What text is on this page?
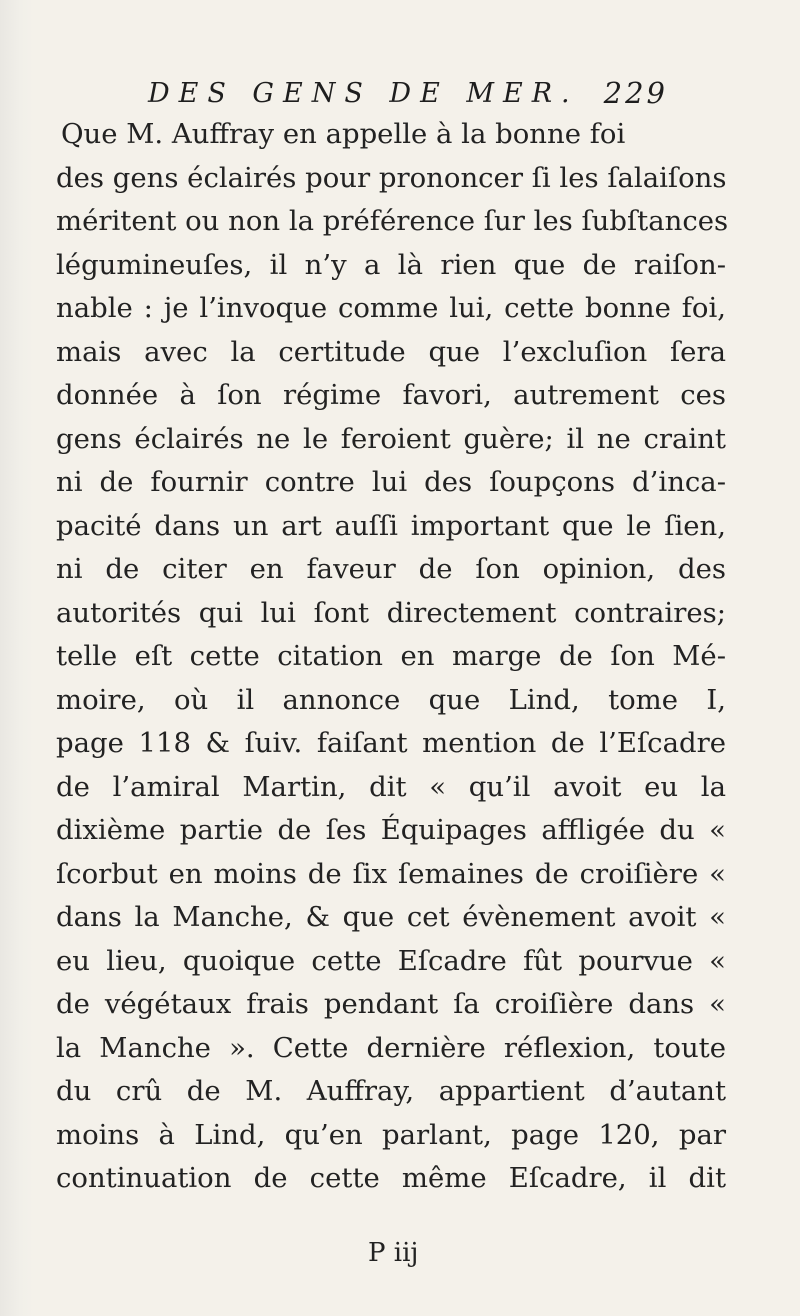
DES GENS DE MER. 229
Que M. Auffray en appelle à la bonne foi
des gens éclairés pour prononcer ſi les ſalaiſons
méritent ou non la préférence ſur les ſubſtances
légumineuſes, il n’y a là rien que de raiſon-
nable : je l’invoque comme lui, cette bonne foi,
mais avec la certitude que l’excluſion ſera
donnée à ſon régime favori, autrement ces
gens éclairés ne le feroient guère; il ne craint
ni de fournir contre lui des ſoupçons d’inca-
pacité dans un art auſſi important que le ſien,
ni de citer en faveur de ſon opinion, des
autorités qui lui ſont directement contraires;
telle eſt cette citation en marge de ſon Mé-
moire, où il annonce que Lind, tome I,
page 118 & ſuiv. faiſant mention de l’Eſcadre
de l’amiral Martin, dit « qu’il avoit eu la
dixième partie de ſes Équipages affligée du «
ſcorbut en moins de ſix ſemaines de croiſière «
dans la Manche, & que cet évènement avoit «
eu lieu, quoique cette Eſcadre fût pourvue «
de végétaux frais pendant ſa croiſière dans «
la Manche ». Cette dernière réflexion, toute
du crû de M. Auffray, appartient d’autant
moins à Lind, qu’en parlant, page 120, par
continuation de cette même Eſcadre, il dit
P iij
